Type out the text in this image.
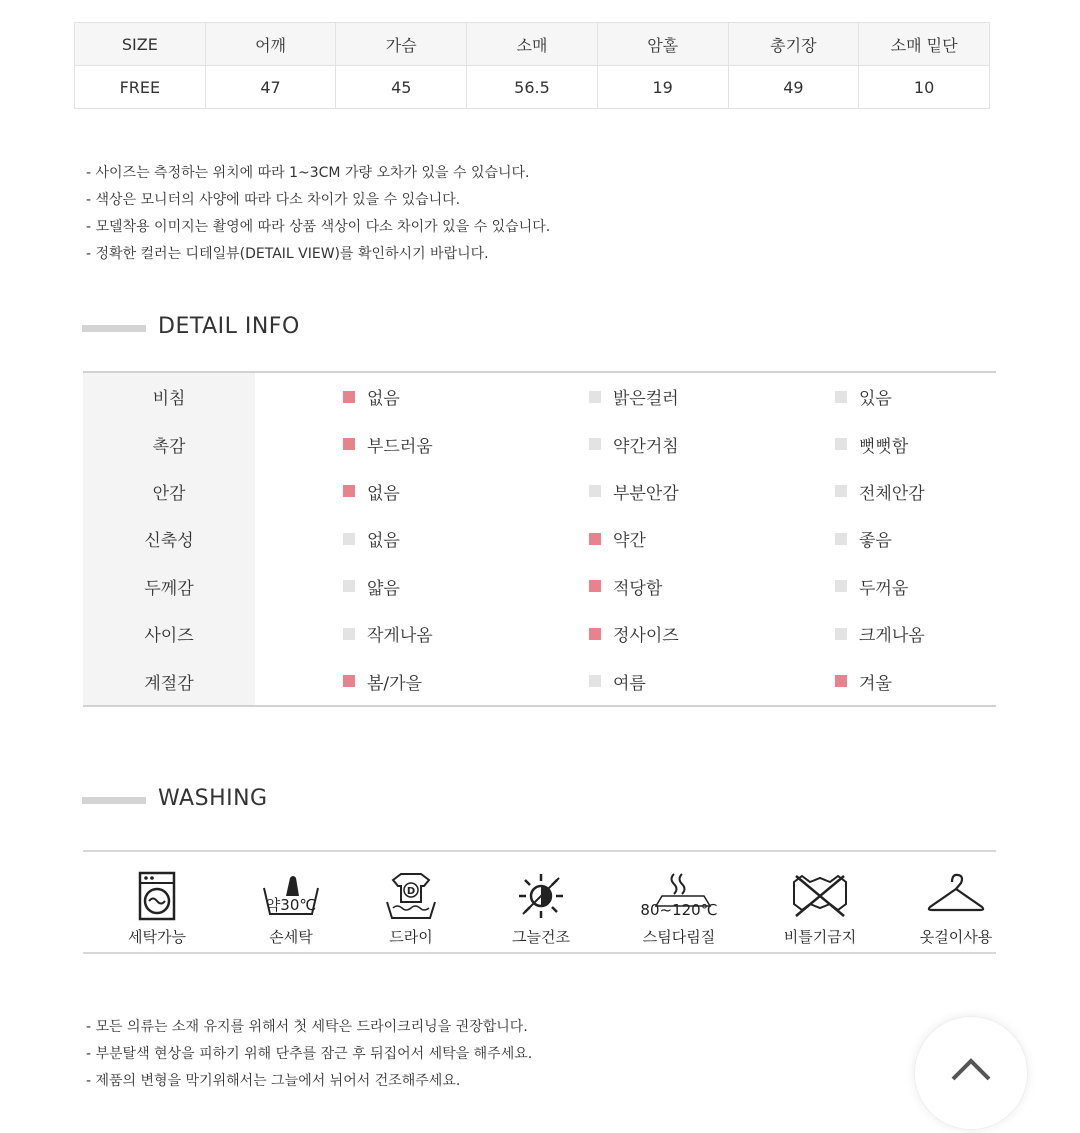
SIZE	어깨	가슴	소매	암홀	총기장	소매 밑단
FREE	47	45	56.5	19	49	10
- 사이즈는 측정하는 위치에 따라 1~3CM 가량 오차가 있을 수 있습니다.
- 색상은 모니터의 사양에 따라 다소 차이가 있을 수 있습니다.
- 모델착용 이미지는 촬영에 따라 상품 색상이 다소 차이가 있을 수 있습니다.
- 정확한 컬러는 디테일뷰(DETAIL VIEW)를 확인하시기 바랍니다.
DETAIL INFO
비침	없음	밝은컬러	있음
촉감	부드러움	약간거침	뻣뻣함
안감	없음	부분안감	전체안감
신축성	없음	약간	좋음
두께감	얇음	적당함	두꺼움
사이즈	작게나옴	정사이즈	크게나옴
계절감	봄/가을	여름	겨울
WASHING
세탁가능
약30℃
손세탁
D
드라이	그늘건조
80~120℃
스팀다림질	비틀기금지	옷걸이사용
- 모든 의류는 소재 유지를 위해서 첫 세탁은 드라이크리닝을 권장합니다.
- 부분탈색 현상을 피하기 위해 단추를 잠근 후 뒤집어서 세탁을 해주세요.
- 제품의 변형을 막기위해서는 그늘에서 뉘어서 건조해주세요.
